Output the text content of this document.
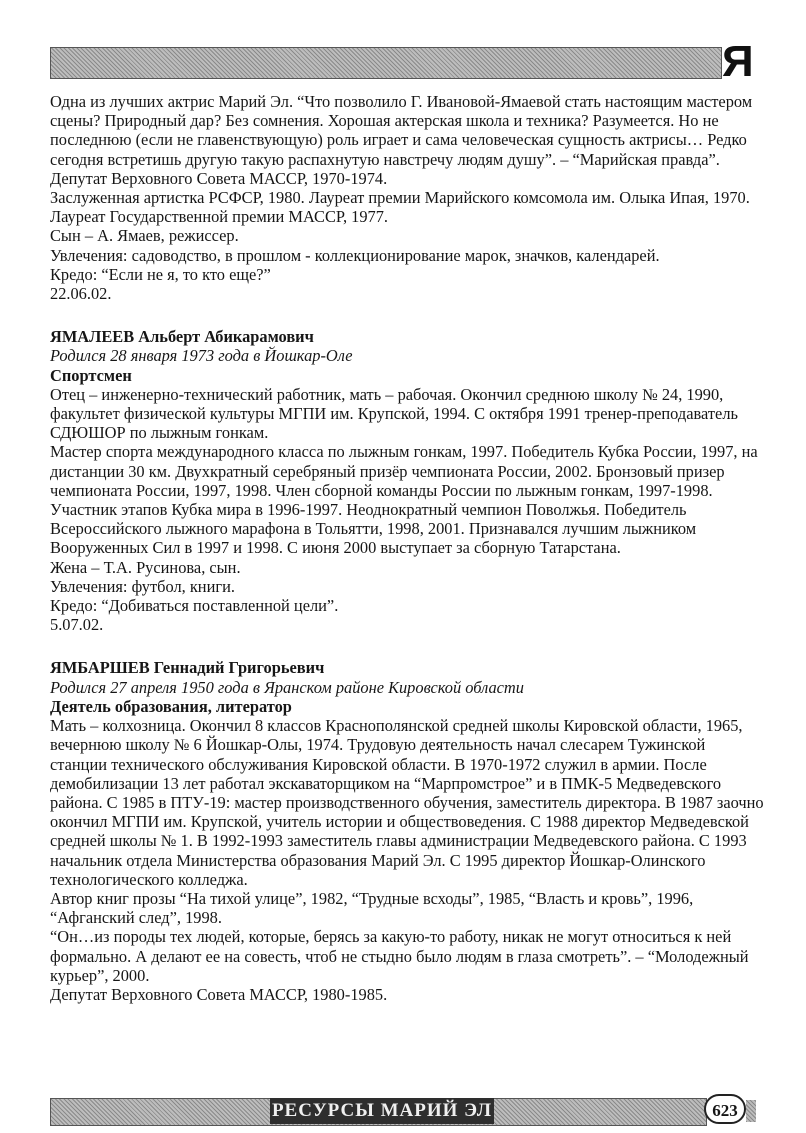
Я

Одна из лучших актрис Марий Эл. “Что позволило Г. Ивановой-Ямаевой стать настоящим мастером сцены? Природный дар? Без сомнения. Хорошая актерская школа и техника? Разумеется. Но не последнюю (если не главенствующую) роль играет и сама человеческая сущность актрисы… Редко сегодня встретишь другую такую распахнутую навстречу людям душу”. – “Марийская правда”.

Депутат Верховного Совета МАССР, 1970-1974.

Заслуженная артистка РСФСР, 1980. Лауреат премии Марийского комсомола им. Олыка Ипая, 1970. Лауреат Государственной премии МАССР, 1977.

Сын – А. Ямаев, режиссер.

Увлечения: садоводство, в прошлом - коллекционирование марок, значков, календарей.

Кредо: “Если не я, то кто еще?”

22.06.02.

ЯМАЛЕЕВ Альберт Абикарамович

Родился 28 января 1973 года в Йошкар-Оле

Спортсмен

Отец – инженерно-технический работник, мать – рабочая. Окончил среднюю школу № 24, 1990, факультет физической культуры МГПИ им. Крупской, 1994. С октября 1991 тренер-преподаватель СДЮШОР по лыжным гонкам.

Мастер спорта международного класса по лыжным гонкам, 1997. Победитель Кубка России, 1997, на дистанции 30 км. Двухкратный серебряный призёр чемпионата России, 2002. Бронзовый призер чемпионата России, 1997, 1998. Член сборной команды России по лыжным гонкам, 1997-1998. Участник этапов Кубка мира в 1996-1997. Неоднократный чемпион Поволжья. Победитель Всероссийского лыжного марафона в Тольятти, 1998, 2001. Признавался лучшим лыжником Вооруженных Сил в 1997 и 1998. С июня 2000 выступает за сборную Татарстана.

Жена – Т.А. Русинова, сын.

Увлечения: футбол, книги.

Кредо: “Добиваться поставленной цели”.

5.07.02.

ЯМБАРШЕВ Геннадий Григорьевич

Родился 27 апреля 1950 года в Яранском районе Кировской области

Деятель образования, литератор

Мать – колхозница. Окончил 8 классов Краснополянской средней школы Кировской области, 1965, вечернюю школу № 6 Йошкар-Олы, 1974. Трудовую деятельность начал слесарем Тужинской станции технического обслуживания Кировской области. В 1970-1972 служил в армии. После демобилизации 13 лет работал экскаваторщиком на “Марпромстрое” и в ПМК-5 Медведевского района. С 1985 в ПТУ-19: мастер производственного обучения, заместитель директора. В 1987 заочно окончил МГПИ им. Крупской, учитель истории и обществоведения. С 1988 директор Медведевской средней школы № 1. В 1992-1993 заместитель главы администрации Медведевского района. С 1993 начальник отдела Министерства образования Марий Эл. С 1995 директор Йошкар-Олинского технологического колледжа.

Автор книг прозы “На тихой улице”, 1982, “Трудные всходы”, 1985, “Власть и кровь”, 1996, “Афганский след”, 1998.

“Он…из породы тех людей, которые, берясь за какую-то работу, никак не могут относиться к ней формально. А делают ее на совесть, чтоб не стыдно было людям в глаза смотреть”. – “Молодежный курьер”, 2000.

Депутат Верховного Совета МАССР, 1980-1985.

РЕСУРСЫ МАРИЙ ЭЛ	623
